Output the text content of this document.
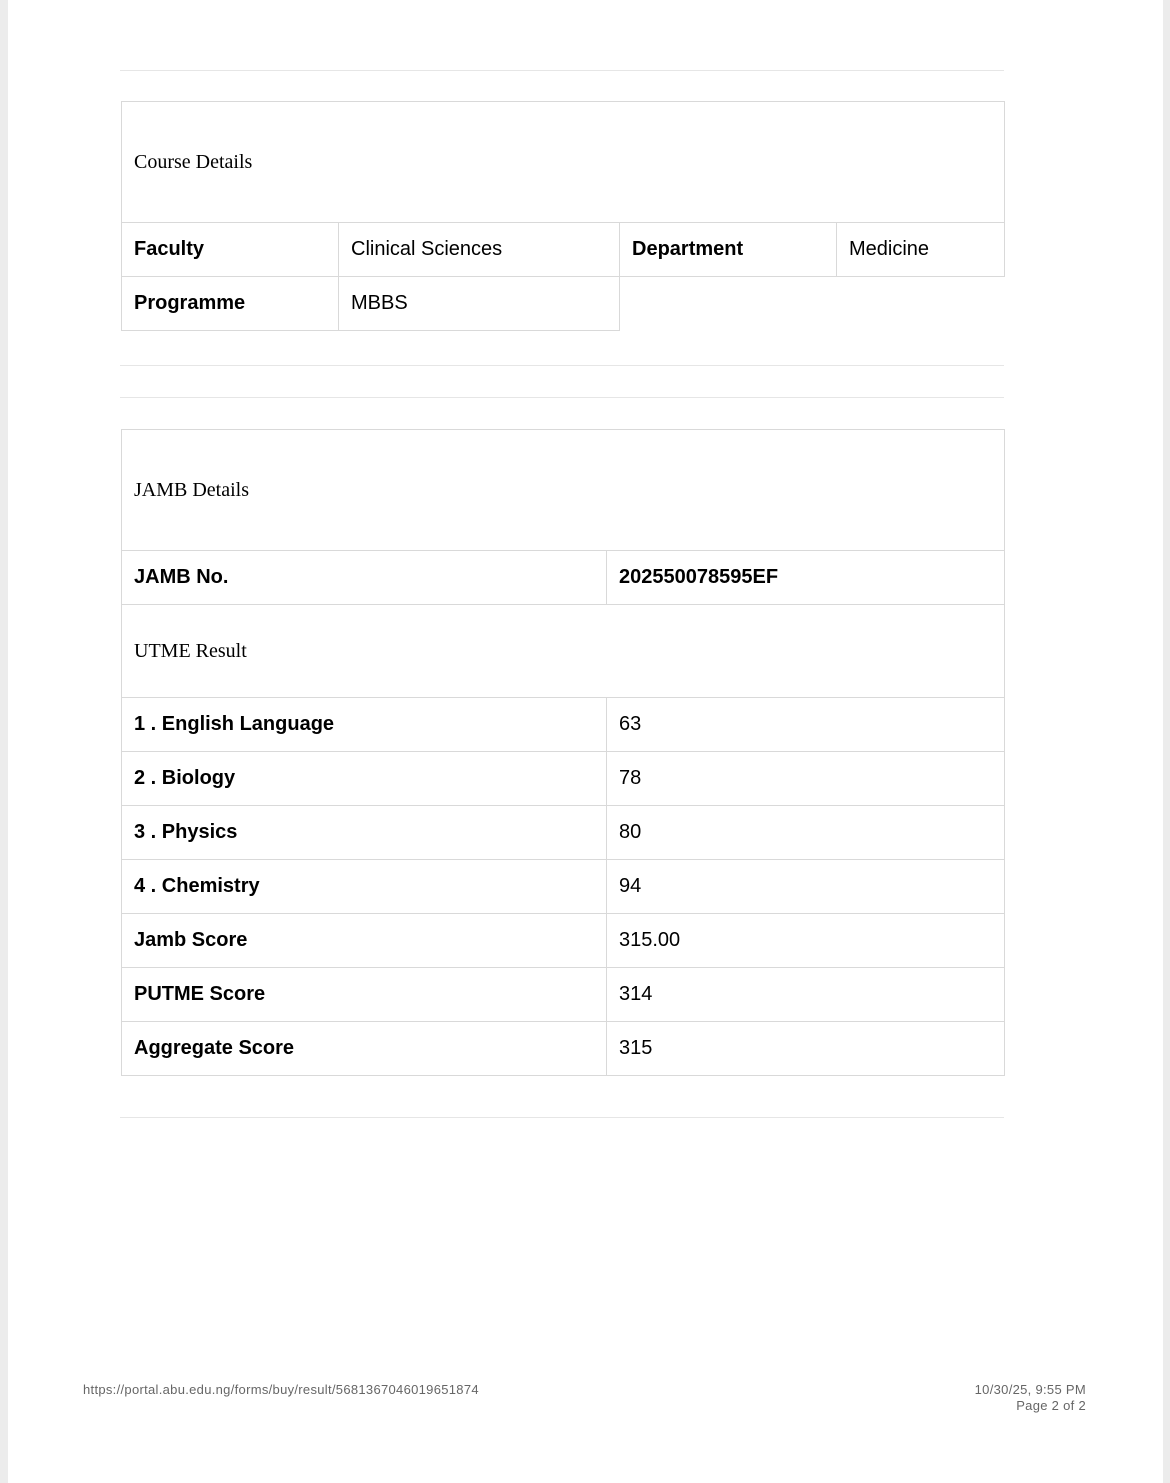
Course Details			
Faculty	Clinical Sciences	Department	Medicine
Programme	MBBS		
JAMB Details	
JAMB No.	202550078595EF
UTME Result	
1 . English Language	63
2 . Biology	78
3 . Physics	80
4 . Chemistry	94
Jamb Score	315.00
PUTME Score	314
Aggregate Score	315
https://portal.abu.edu.ng/forms/buy/result/5681367046019651874	10/30/25, 9:55 PM
Page 2 of 2
